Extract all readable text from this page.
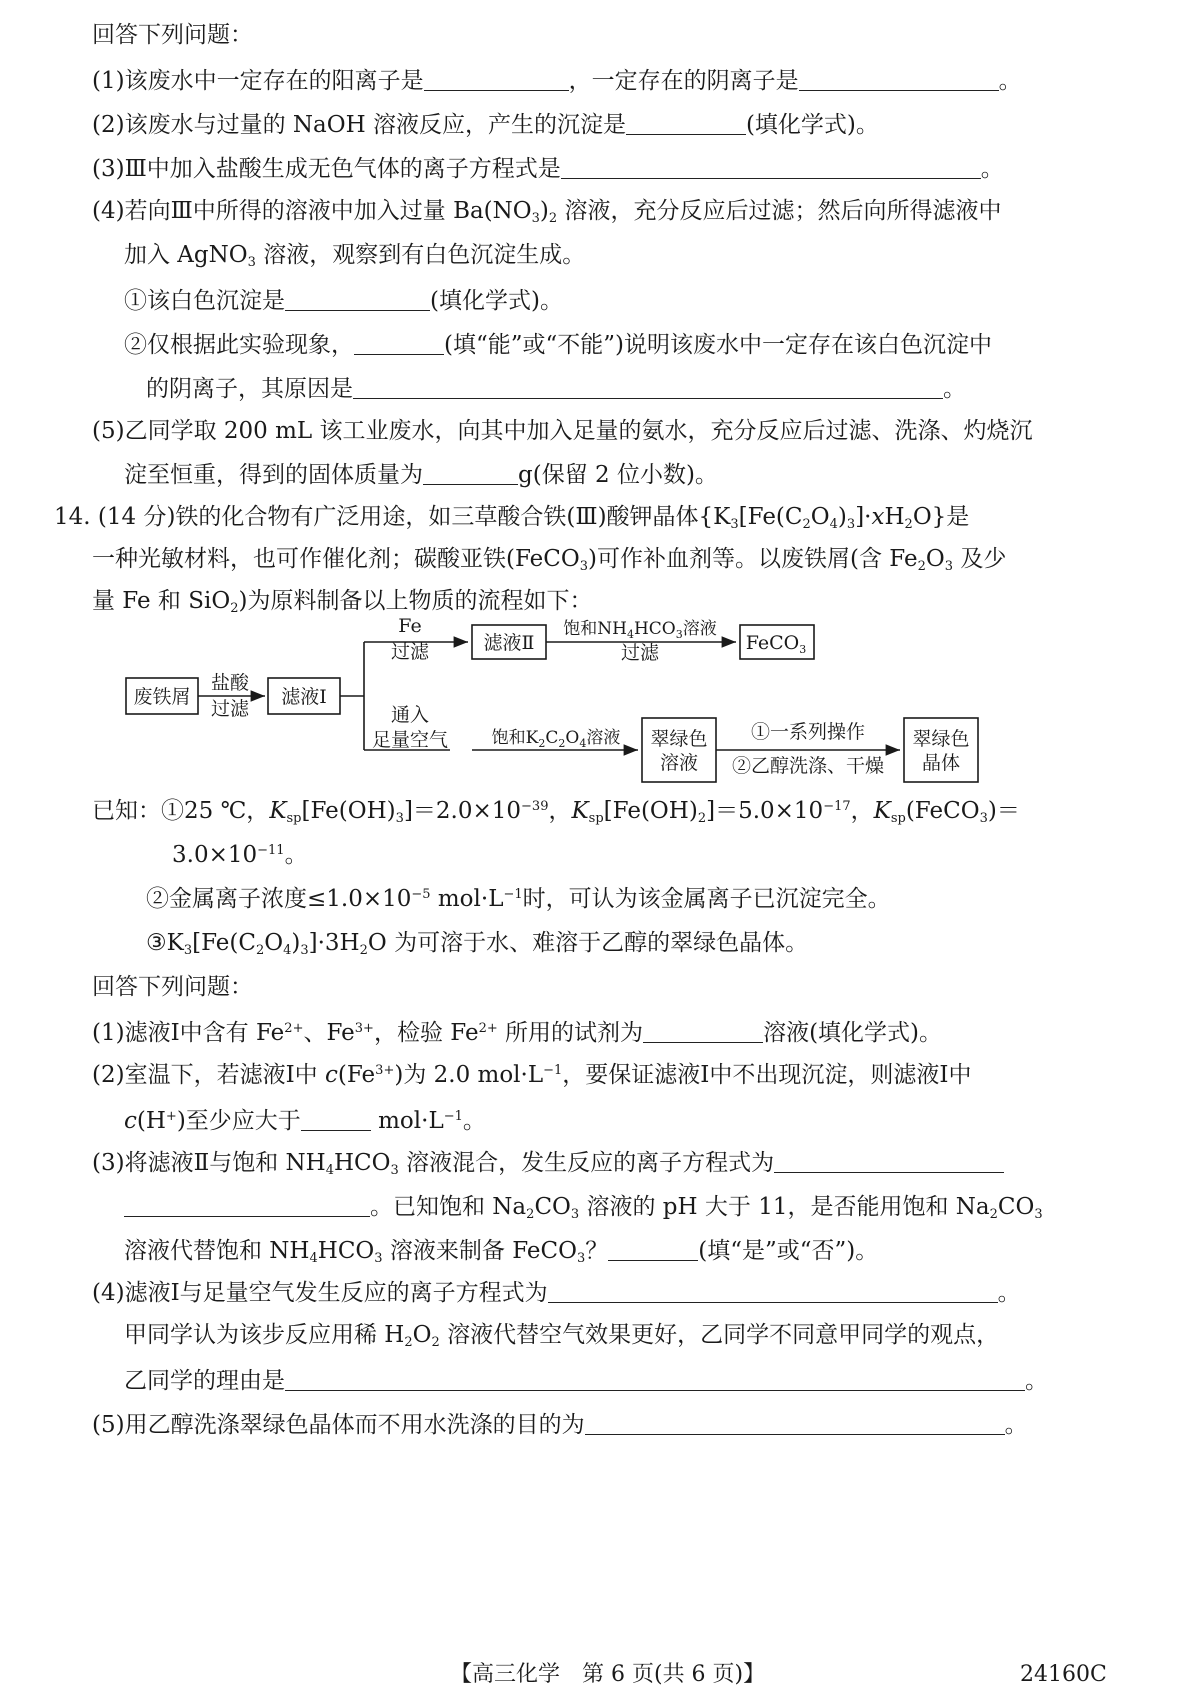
回答下列问题：
(1)该废水中一定存在的阳离子是	，一定存在的阴离子是	。
(2)该废水与过量的 NaOH 溶液反应，产生的沉淀是	(填化学式)。
(3)Ⅲ中加入盐酸生成无色气体的离子方程式是	。
(4)若向Ⅲ中所得的溶液中加入过量 $Ba(NO_3)_2$ 溶液，充分反应后过滤；然后向所得滤液中
加入 AgNO$_3$ 溶液，观察到有白色沉淀生成。
①该白色沉淀是	(填化学式)。
②仅根据此实验现象，	(填“能”或“不能”)说明该废水中一定存在该白色沉淀中
的阴离子，其原因是	。
(5)乙同学取 200 mL 该工业废水，向其中加入足量的氨水，充分反应后过滤、洗涤、灼烧沉
淀至恒重，得到的固体质量为	g(保留 2 位小数)。
14. (14 分)铁的化合物有广泛用途，如三草酸合铁(Ⅲ)酸钾晶体$\{K_3[Fe(C_2O_4)_3]\cdot xH_2O\}$是
一种光敏材料，也可作催化剂；碳酸亚铁(FeCO$_3$)可作补血剂等。以废铁屑(含 $Fe_2O_3$ 及少
量 Fe 和 SiO$_2$)为原料制备以上物质的流程如下：
废铁屑
盐酸
过滤
滤液Ⅰ
Fe
过滤	滤液Ⅱ
饱和$NH_4HCO_3$溶液
过滤	FeCO$_3$
通入
足量空气	饱和$K_2C_2O_4$溶液 翠绿色
溶液
①一系列操作
②乙醇洗涤、干燥
翠绿色
晶体
已知：①25 ℃，$K_{sp}[Fe(OH)_3]=2.0\times 10^{-39}$，$K_{sp}[Fe(OH)_2]=5.0\times 10^{-17}$，$K_{sp}(FeCO_3)=$
$3.0\times 10^{-11}$。
②金属离子浓度$\le 1.0\times 10^{-5}$ $mol\cdot L^{-1}$时，可认为该金属离子已沉淀完全。
$③K_3[Fe(C_2O_4)_3]\cdot 3H_2O$ 为可溶于水、难溶于乙醇的翠绿色晶体。
回答下列问题：
(1)滤液Ⅰ中含有 $Fe^{2+}$、$Fe^{3+}$，检验 $Fe^{2+}$ 所用的试剂为	溶液(填化学式)。
(2)室温下，若滤液Ⅰ中 $c(Fe^{3+})$为 2.0 $mol\cdot L^{-1}$，要保证滤液Ⅰ中不出现沉淀，则滤液Ⅰ中
c(H+)至少应大于	$mol\cdot L^{-1}$。
(3)将滤液Ⅱ与饱和 $NH_4HCO_3$ 溶液混合，发生反应的离子方程式为
。已知饱和 $Na_2CO_3$ 溶液的 pH 大于 11，是否能用饱和 $Na_2CO_3$
溶液代替饱和 $NH_4HCO_3$ 溶液来制备 FeCO$_3$？	(填“是”或“否”)。
(4)滤液Ⅰ与足量空气发生反应的离子方程式为	。
甲同学认为该步反应用稀 $H_2O_2$ 溶液代替空气效果更好，乙同学不同意甲同学的观点，
乙同学的理由是	。
(5)用乙醇洗涤翠绿色晶体而不用水洗涤的目的为	。
【高三化学　第 6 页(共 6 页)】	24160C
